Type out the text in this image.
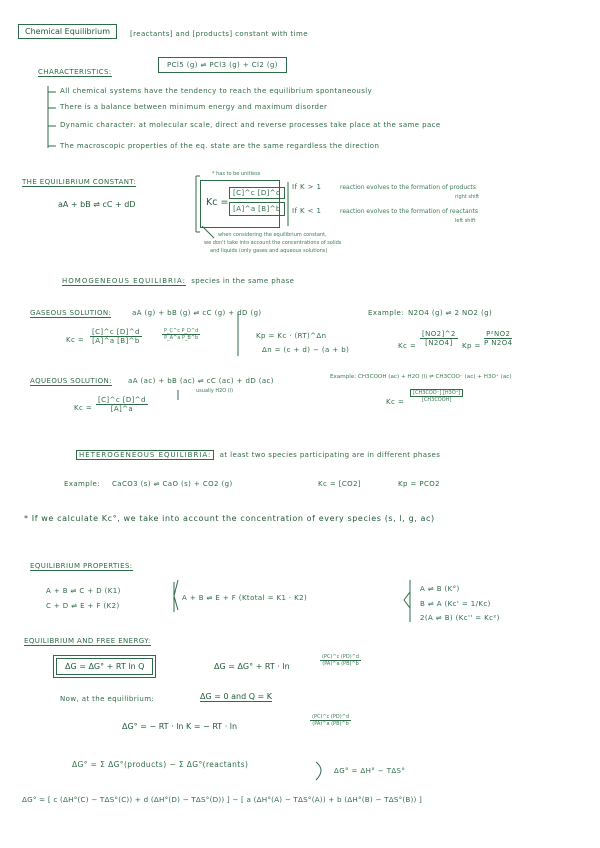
Chemical Equilibrium	[reactants] and [products] constant with time
PCl5 (g) ⇌ PCl3 (g) + Cl2 (g)
CHARACTERISTICS:
All chemical systems have the tendency to reach the equilibrium spontaneously
There is a balance between minimum energy and maximum disorder
Dynamic character: at molecular scale, direct and reverse processes take place at the same pace
The macroscopic properties of the eq. state are the same regardless the direction
THE EQUILIBRIUM CONSTANT:
aA + bB ⇌ cC + dD
* has to be unitless
$Kc = \frac{[C]\^{}c [D]\^{}d}{[A]\^{}a [B]\^{}b}$ If K > 1	reaction evolves to the formation of products
right shift
If K < 1	reaction evolves to the formation of reactants
left shift
when considering the equilibrium constant,
we don't take into account the concentrations of solids
and liquids (only gases and aqueous solutions)
HOMOGENEOUS EQUILIBRIA: species in the same phase
GASEOUS SOLUTION:	aA (g) + bB (g) ⇌ cC (g) + dD (g)	Example: N2O4 (g) ⇌ 2 NO2 (g)
$Kc = \frac{[C]\^{}c [D]\^{}d}{[A]\^{}a [B]\^{}b}$	$\frac{\text{P\_C\textasciicircum{}c P\_D\textasciicircum{}d}}{\text{P\_A\textasciicircum{}a P\_B\textasciicircum{}b}}$	Kp = Kc · (RT)^Δn
Δn = (c + d) − (a + b)	$Kc = \frac{[NO2]\^{}2}{[N2O4]}$ $Kp = \frac{\text{P²NO2}}{\text{P N2O4}}$
AQUEOUS SOLUTION: aA (ac) + bB (ac) ⇌ cC (ac) + dD (ac)
usually H2O (l)
$Kc = \frac{[C]\^{}c [D]\^{}d}{[A]\^{}a}$
Example: CH3COOH (ac) + H2O (l) ⇌ CH3COO⁻ (ac) + H3O⁺ (ac)
Kc =
[CH3COO⁻] [H3O⁺]
[CH3COOH]
HETEROGENEOUS EQUILIBRIA: at least two species participating are in different phases
Example: CaCO3 (s) ⇌ CaO (s) + CO2 (g)	Kc = [CO2]	Kp = PCO2
* If we calculate Kc°, we take into account the concentration of every species (s, l, g, ac)
EQUILIBRIUM PROPERTIES:
A + B ⇌ C + D (K1)
C + D ⇌ E + F (K2)
A + B ⇌ E + F (Ktotal = K1 · K2)
A ⇌ B (K°)
B ⇌ A (Kc' = 1/Kc)
2(A ⇌ B) (Kc'' = Kc²)
EQUILIBRIUM AND FREE ENERGY:
ΔG = ΔG° + RT ln Q	ΔG = ΔG° + RT · ln	$\frac{(PC)\^{}c (PD)\^{}d}{(PA)\^{}a (PB)\^{}b}$
Now, at the equilibrium:	ΔG = 0 and Q = K
ΔG° = − RT · ln K = − RT · ln	$\frac{(PC)\^{}c (PD)\^{}d}{(PA)\^{}a (PB)\^{}b}$
ΔG° = Σ ΔG°(products) − Σ ΔG°(reactants)
ΔG° = ΔH° − TΔS°
ΔG° = [ c (ΔH°(C) − TΔS°(C)) + d (ΔH°(D) − TΔS°(D)) ] − [ a (ΔH°(A) − TΔS°(A)) + b (ΔH°(B) − TΔS°(B)) ]
